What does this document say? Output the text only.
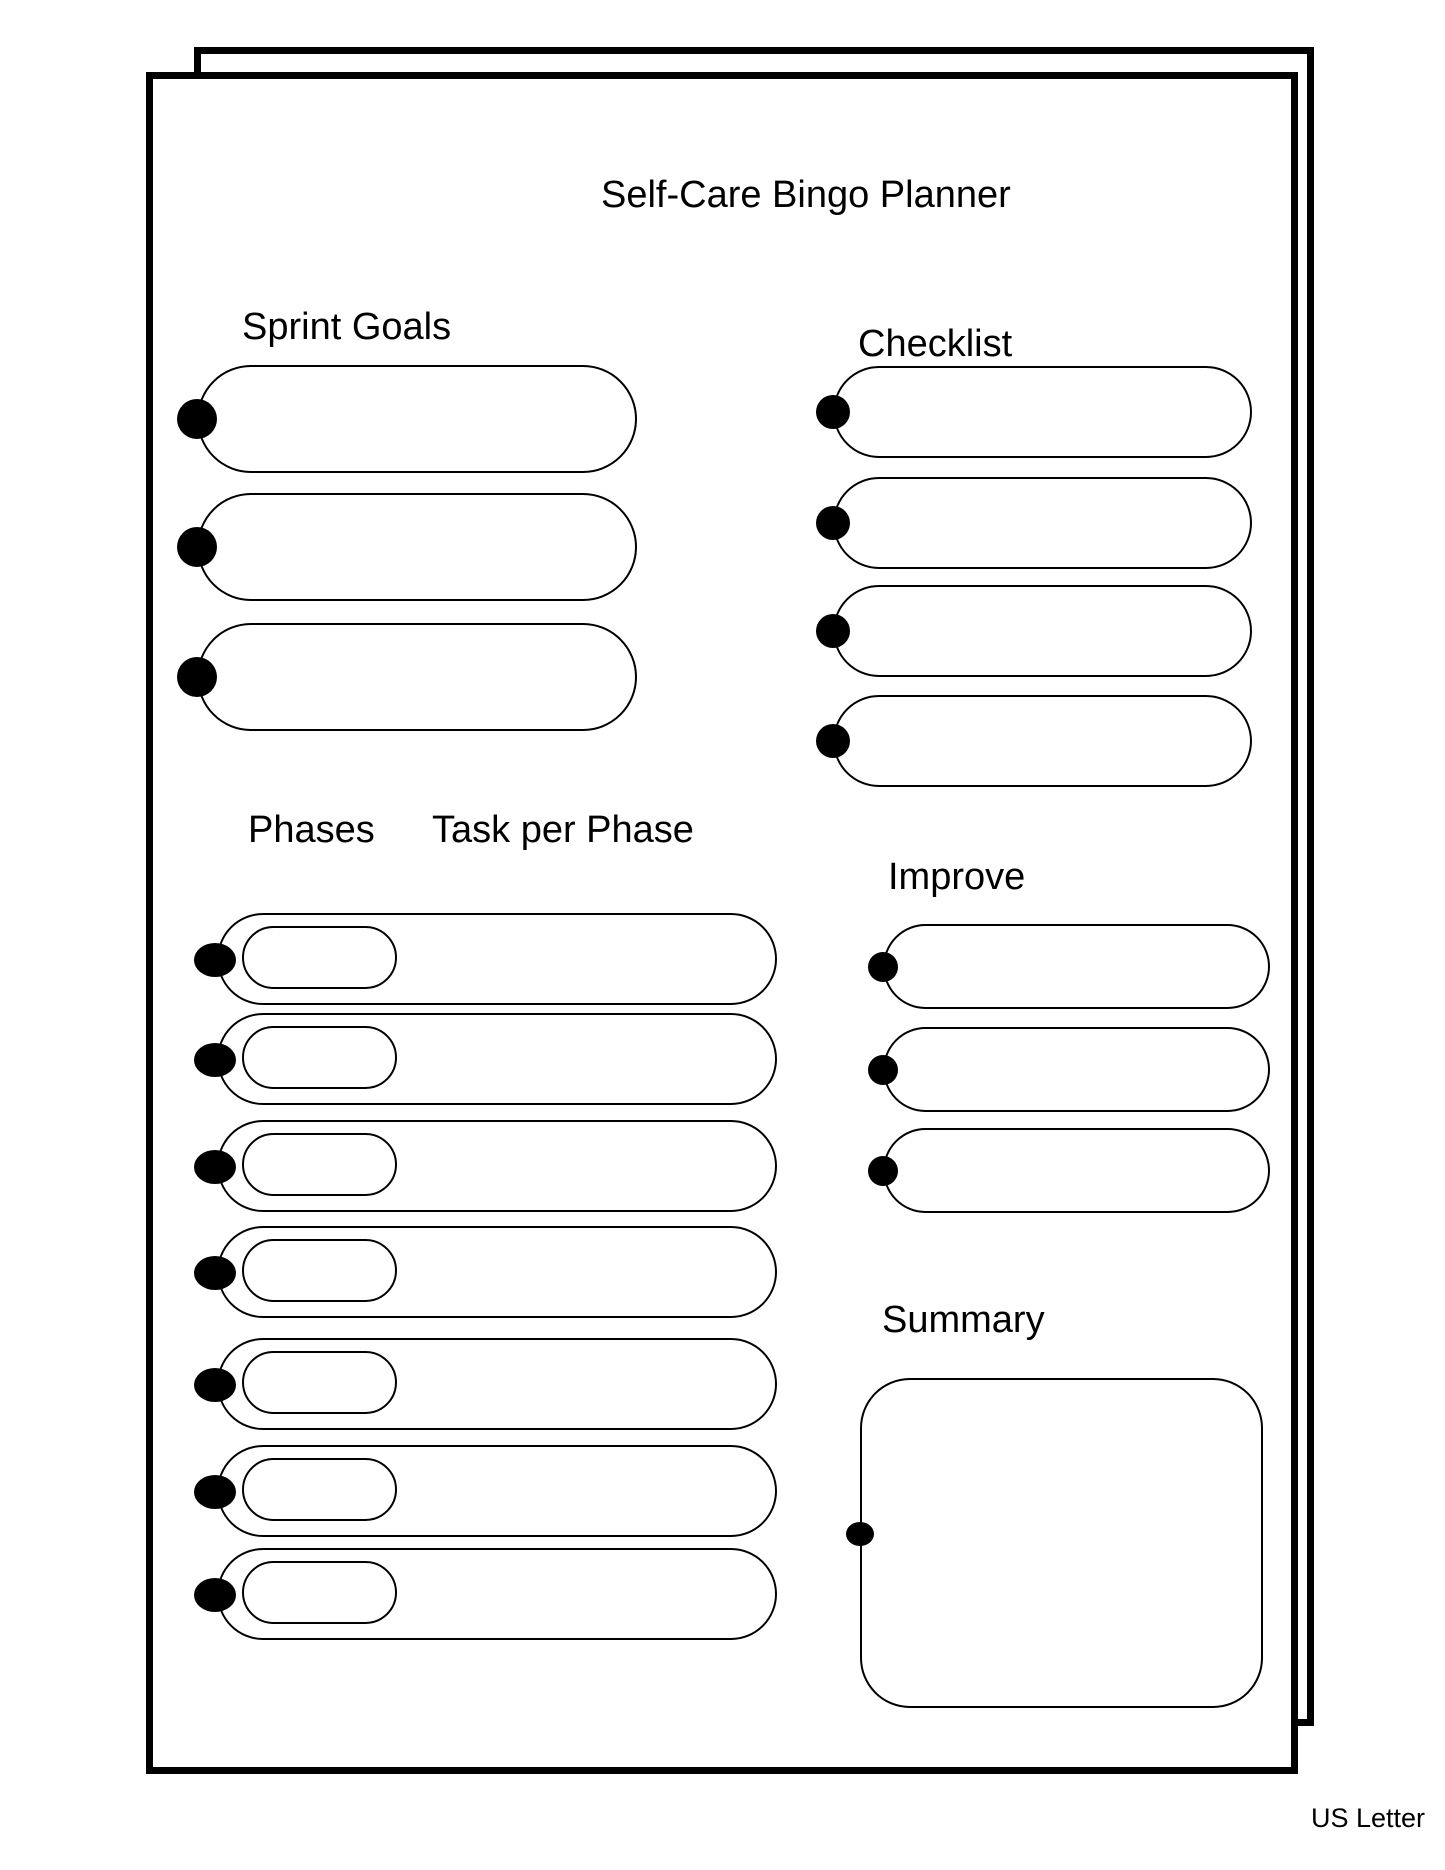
Self-Care Bingo Planner
Sprint Goals	Checklist
Phases Task per Phase
Improve
Summary
US Letter
